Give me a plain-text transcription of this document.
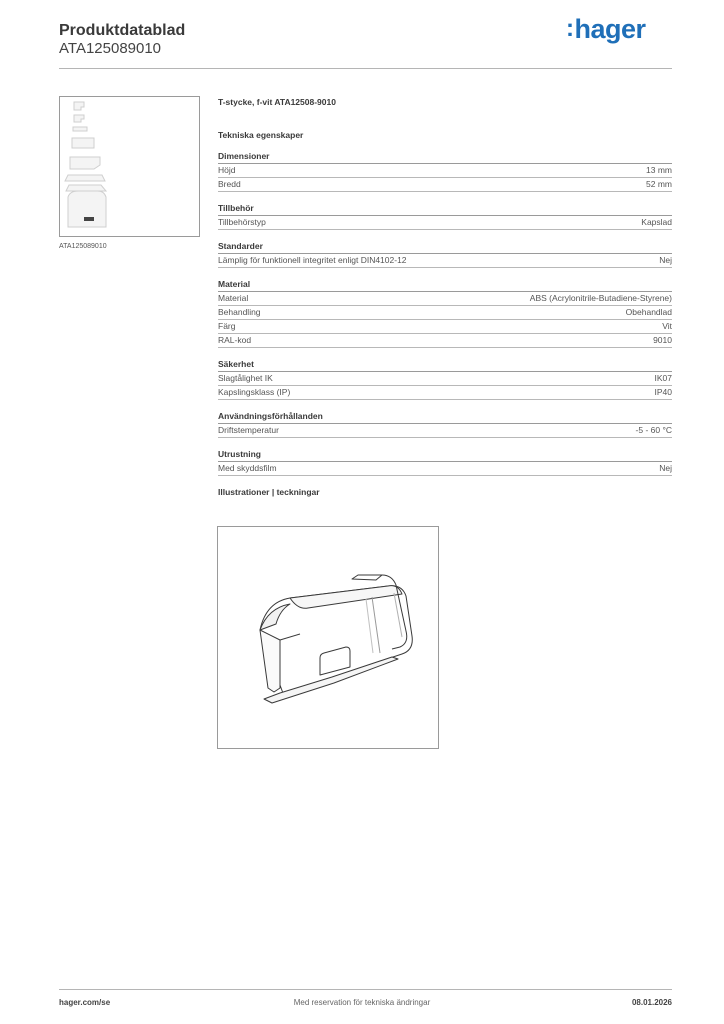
Produktdatablad
ATA125089010
:hager
ATA125089010
T-stycke, f-vit ATA12508-9010
Tekniska egenskaper
Dimensioner
Höjd	13 mm
Bredd	52 mm
Tillbehör
Tillbehörstyp	Kapslad
Standarder
Lämplig för funktionell integritet enligt DIN4102-12	Nej
Material
Material	ABS (Acrylonitrile-Butadiene-Styrene)
Behandling	Obehandlad
Färg	Vit
RAL-kod	9010
Säkerhet
Slagtålighet IK	IK07
Kapslingsklass (IP)	IP40
Användningsförhållanden
Driftstemperatur	-5 - 60 °C
Utrustning
Med skyddsfilm	Nej
Illustrationer | teckningar
hager.com/se	Med reservation för tekniska ändringar	08.01.2026
